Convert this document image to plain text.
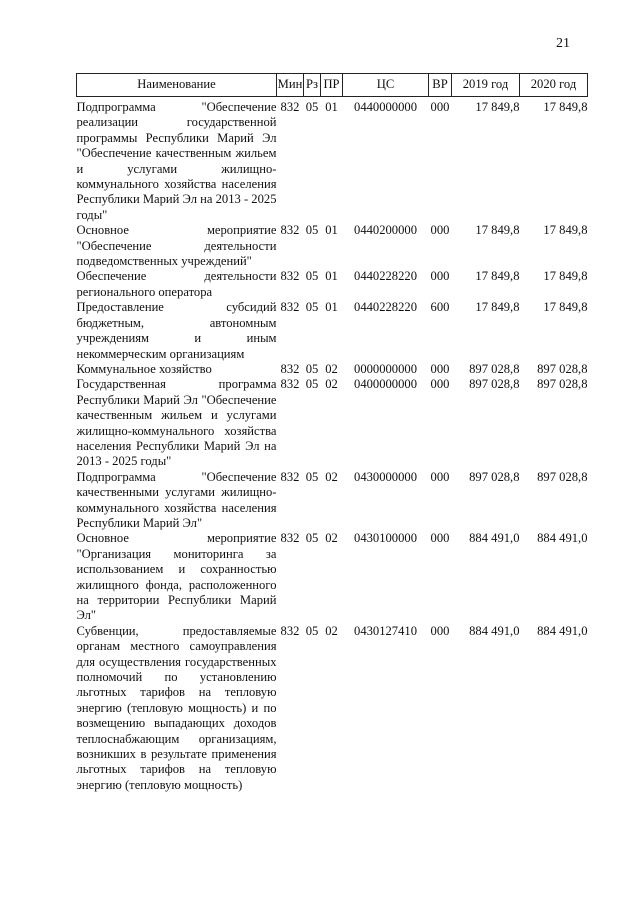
21
Наименование	Мин	Рз	ПР	ЦС	ВР	2019 год	2020 год
Подпрограмма "Обеспечение реализации государственной программы Республики Марий Эл "Обеспечение качественным жильем и услугами жилищно-коммунального хозяйства населения Республики Марий Эл на 2013 - 2025 годы"	832	05	01	0440000000	000	17 849,8	17 849,8
Основное мероприятие "Обеспечение деятельности подведомственных учреждений"	832	05	01	0440200000	000	17 849,8	17 849,8
Обеспечение деятельности регионального оператора	832	05	01	0440228220	000	17 849,8	17 849,8
Предоставление субсидий бюджетным, автономным учреждениям и иным некоммерческим организациям	832	05	01	0440228220	600	17 849,8	17 849,8
Коммунальное хозяйство	832	05	02	0000000000	000	897 028,8	897 028,8
Государственная программа Республики Марий Эл "Обеспечение качественным жильем и услугами жилищно-коммунального хозяйства населения Республики Марий Эл на 2013 - 2025 годы"	832	05	02	0400000000	000	897 028,8	897 028,8
Подпрограмма "Обеспечение качественными услугами жилищно-коммунального хозяйства населения Республики Марий Эл"	832	05	02	0430000000	000	897 028,8	897 028,8
Основное мероприятие "Организация мониторинга за использованием и сохранностью жилищного фонда, расположенного на территории Республики Марий Эл"	832	05	02	0430100000	000	884 491,0	884 491,0
Субвенции, предоставляемые органам местного самоуправления для осуществления государственных полномочий по установлению льготных тарифов на тепловую энергию (тепловую мощность) и по возмещению выпадающих доходов теплоснабжающим организациям, возникших в результате применения льготных тарифов на тепловую энергию (тепловую мощность)	832	05	02	0430127410	000	884 491,0	884 491,0
